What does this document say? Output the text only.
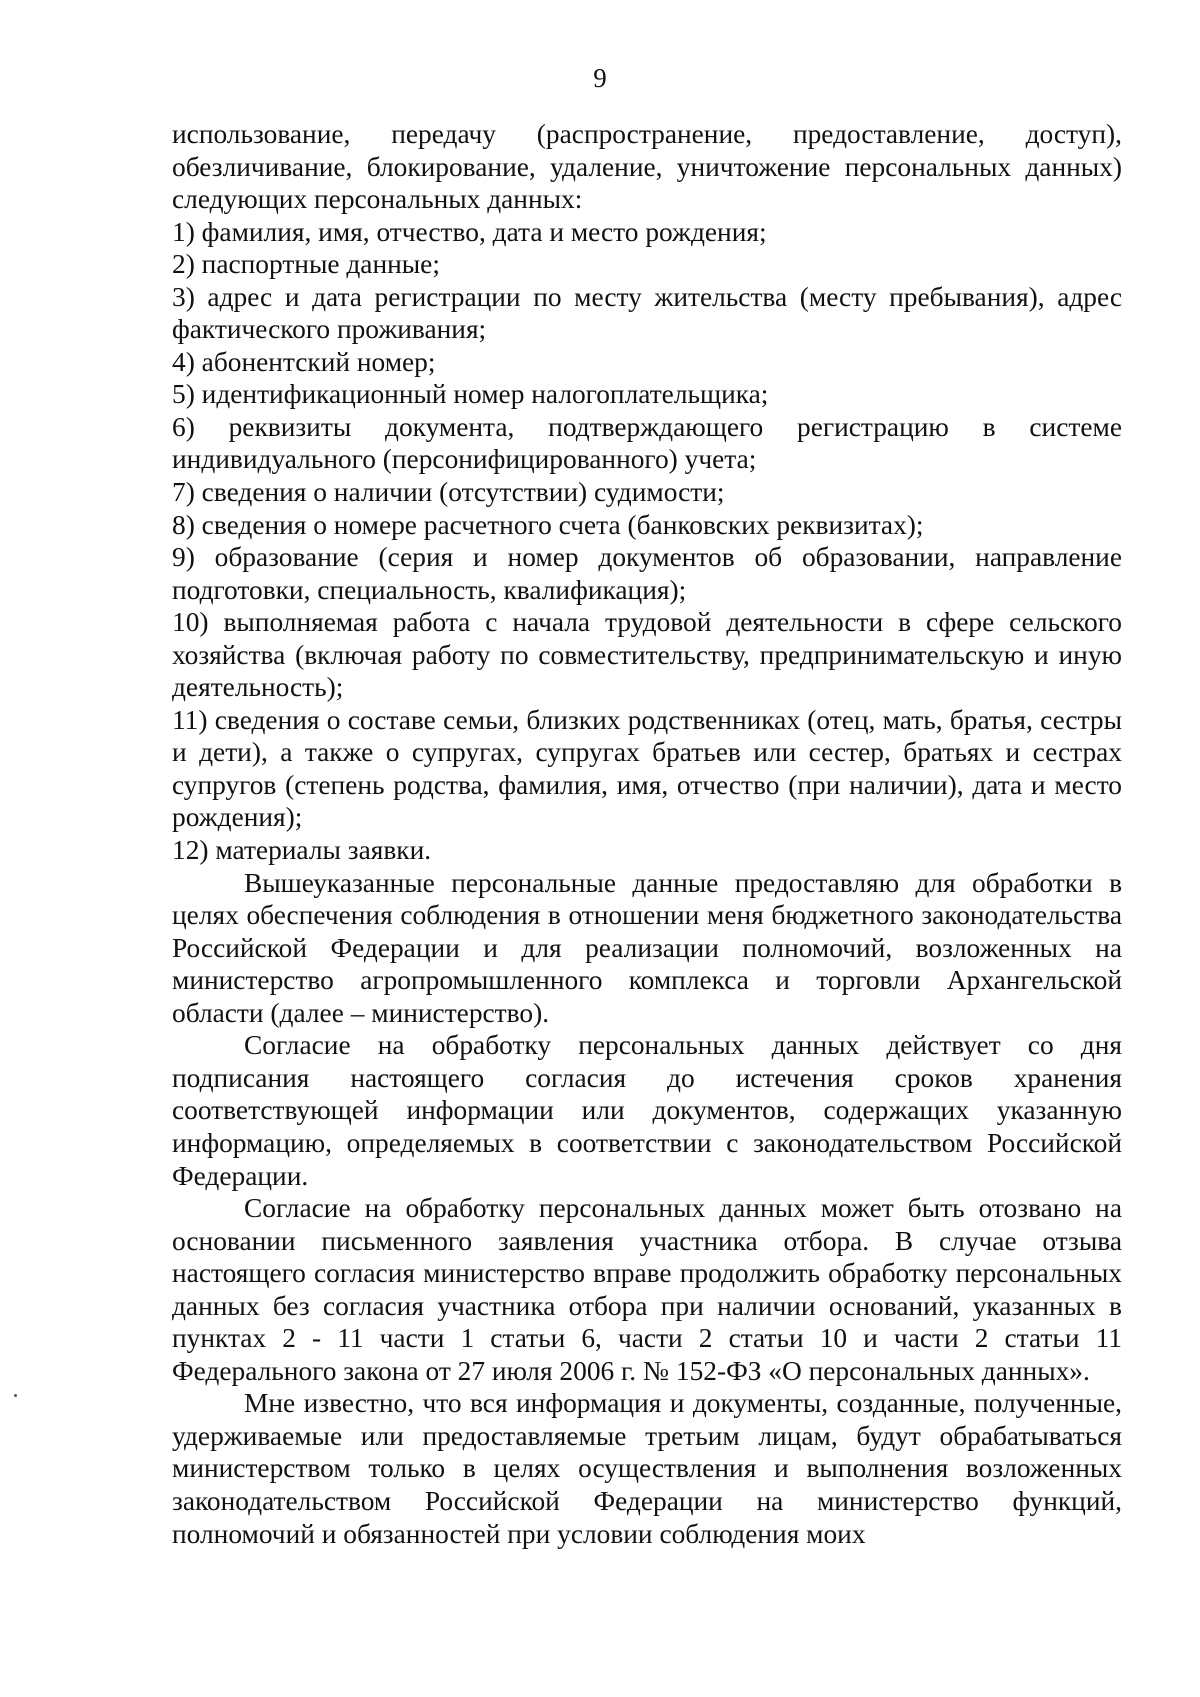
9

использование, передачу (распространение, предоставление, доступ), обезличивание, блокирование, удаление, уничтожение персональных данных) следующих персональных данных:

1) фамилия, имя, отчество, дата и место рождения;

2) паспортные данные;

3) адрес и дата регистрации по месту жительства (месту пребывания), адрес фактического проживания;

4) абонентский номер;

5) идентификационный номер налогоплательщика;

6) реквизиты документа, подтверждающего регистрацию в системе индивидуального (персонифицированного) учета;

7) сведения о наличии (отсутствии) судимости;

8) сведения о номере расчетного счета (банковских реквизитах);

9) образование (серия и номер документов об образовании, направление подготовки, специальность, квалификация);

10) выполняемая работа с начала трудовой деятельности в сфере сельского хозяйства (включая работу по совместительству, предпринимательскую и иную деятельность);

11) сведения о составе семьи, близких родственниках (отец, мать, братья, сестры и дети), а также о супругах, супругах братьев или сестер, братьях и сестрах супругов (степень родства, фамилия, имя, отчество (при наличии), дата и место рождения);

12) материалы заявки.

Вышеуказанные персональные данные предоставляю для обработки в целях обеспечения соблюдения в отношении меня бюджетного законодательства Российской Федерации и для реализации полномочий, возложенных на министерство агропромышленного комплекса и торговли Архангельской области (далее – министерство).

Согласие на обработку персональных данных действует со дня подписания настоящего согласия до истечения сроков хранения соответствующей информации или документов, содержащих указанную информацию, определяемых в соответствии с законодательством Российской Федерации.

Согласие на обработку персональных данных может быть отозвано на основании письменного заявления участника отбора. В случае отзыва настоящего согласия министерство вправе продолжить обработку персональных данных без согласия участника отбора при наличии оснований, указанных в пунктах 2 - 11 части 1 статьи 6, части 2 статьи 10 и части 2 статьи 11 Федерального закона от 27 июля 2006 г. № 152-ФЗ «О персональных данных».

Мне известно, что вся информация и документы, созданные, полученные, удерживаемые или предоставляемые третьим лицам, будут обрабатываться министерством только в целях осуществления и выполнения возложенных законодательством Российской Федерации на министерство функций, полномочий и обязанностей при условии соблюдения моих
